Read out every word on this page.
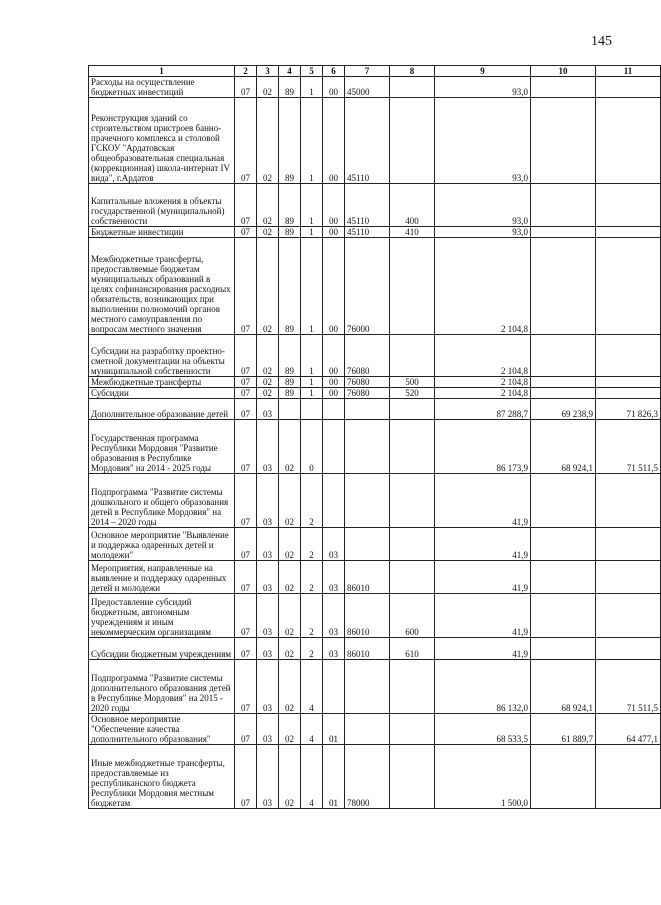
145
1	2	3	4	5	6	7	8	9	10	11
Расходы на осуществление бюджетных инвестиций	07	02	89	1	00	45000		93,0		
Реконструкция зданий со строительством пристроев банно-прачечного комплекса и столовой ГСКОУ "Ардатовская общеобразовательная специальная (коррекционная) школа-интернат IV вида", г.Ардатов	07	02	89	1	00	45110		93,0		
Капитальные вложения в объекты государственной (муниципальной) собственности	07	02	89	1	00	45110	400	93,0		
Бюджетные инвестиции	07	02	89	1	00	45110	410	93,0		
Межбюджетные трансферты, предоставляемые бюджетам муниципальных образований в целях софинансирования расходных обязательств, возникающих при выполнении полномочий органов местного самоуправления по вопросам местного значения	07	02	89	1	00	76000		2 104,8		
Субсидии на разработку проектно-сметной документации на объекты муниципальной собственности	07	02	89	1	00	76080		2 104,8		
Межбюджетные трансферты	07	02	89	1	00	76080	500	2 104,8		
Субсидии	07	02	89	1	00	76080	520	2 104,8		
Дополнительное образование детей	07	03						87 288,7	69 238,9	71 826,3
Государственная программа Республики Мордовия "Развитие образования в Республике Мордовия" на 2014 - 2025 годы	07	03	02	0				86 173,9	68 924,1	71 511,5
Подпрограмма "Развитие системы дошкольного и общего образования детей в Республике Мордовия" на 2014 – 2020 годы	07	03	02	2				41,9		
Основное мероприятие "Выявление и поддержка одаренных детей и молодежи"	07	03	02	2	03			41,9		
Мероприятия, направленные на выявление и поддержку одаренных детей и молодежи	07	03	02	2	03	86010		41,9		
Предоставление субсидий бюджетным, автономным учреждениям и иным некоммерческим организациям	07	03	02	2	03	86010	600	41,9		
Субсидии бюджетным учреждениям	07	03	02	2	03	86010	610	41,9		
Подпрограмма "Развитие системы дополнительного образования детей в Республике Мордовия" на 2015 - 2020 годы	07	03	02	4				86 132,0	68 924,1	71 511,5
Основное мероприятие "Обеспечение качества дополнительного образования"	07	03	02	4	01			68 533,5	61 889,7	64 477,1
Иные межбюджетные трансферты, предоставляемые из республиканского бюджета Республики Мордовия местным бюджетам	07	03	02	4	01	78000		1 500,0		
